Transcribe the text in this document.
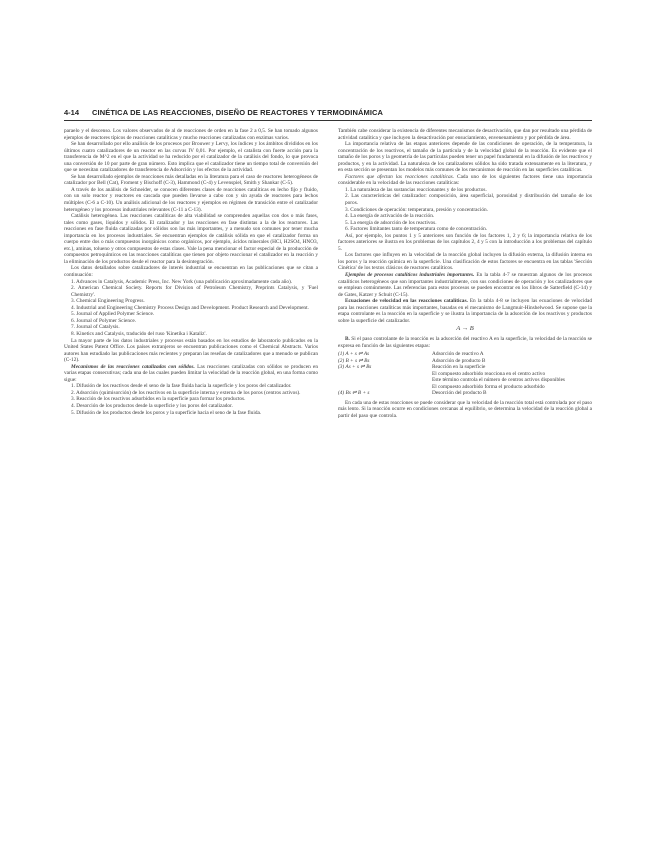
4-14 CINÉTICA DE LAS REACCIONES, DISEÑO DE REACTORES Y TERMODINÁMICA

paraelo y el descenso. Los valores observados de al de reacciones de orden en la fase 2 a 0,5. Se han tomado algunos ejemplos de reactores típicos de reacciones catalíticas y mucho reacciones catalizadas con enzimas varios.

Se han desarrollado por ello análisis de los procesos por Brouwer y Lervy, los índices y los ámbitos divididos en los últimos cuatro catalizadores de un reactor en las curvas IV 0,01. Por ejemplo, el catalista con fuerte acción para la transferencia de M^2 en el que la actividad se ha reducido por el catalizador de la catálisis del fondo, lo que provoca una conversión de 10 por parte de gran número. Esto implica que el catalizador tiene un tiempo total de conversión del que se necesitan catalizadores de transferencia de Adsorción y los efectos de la actividad.

Se han desarrollado ejemplos de reacciones más detalladas en la literatura para el caso de reactores heterogéneos de catalizador por Bell (Cat), Froment y Bischoff (C-3), Hammond (C-4) y Levenspiel, Smith y Shankar (C-5).

A través de los análisis de Schneider, se conocen diferentes clases de reacciones catalíticas en lecho fijo y fluido, con un solo reactor y reactores en cascada que pueden llevarse a cabo con y sin ayuda de reactores para lechos múltiples (C-6 a C-10). Un análisis adicional de los reactores y ejemplos en régimen de transición entre el catalizador heterogéneo y los procesos industriales relevantes (C-11 a C-13).

Catálisis heterogénea. Las reacciones catalíticas de alta viabilidad se comprenden aquellas con dos o más fases, tales como gases, líquidos y sólidos. El catalizador y las reacciones en fase distintas a la de los reactores. Las reacciones en fase fluida catalizadas por sólidos son las más importantes, y a menudo son comunes por tener mucha importancia en los procesos industriales. Se encuentran ejemplos de catálisis sólida en que el catalizador forma un cuerpo entre dos o más compuestos inorgánicos como orgánicos, por ejemplo, ácidos minerales (HCl, H2SO4, HNO3, etc.), aminas, tolueno y otros compuestos de estas clases. Vale la pena mencionar el factor especial de la producción de compuestos petroquímicos en las reacciones catalíticas que tienen por objeto reaccionar el catalizador en la reacción y la eliminación de los productos desde el reactor para la desintegración.

Los datos detallados sobre catalizadores de interés industrial se encuentran en las publicaciones que se citan a continuación:

1. Advances in Catalysis, Academic Press, Inc. New York (una publicación aproximadamente cada año).
2. American Chemical Society. Reports for Division of Petroleum Chemistry, Preprints Catalysis, y 'Fuel Chemistry'.
3. Chemical Engineering Progress.
4. Industrial and Engineering Chemistry Process Design and Development. Product Research and Development.
5. Journal of Applied Polymer Science.
6. Journal of Polymer Science.
7. Journal of Catalysis.
8. Kinetics and Catalysis, traducido del ruso 'Kinetika i Kataliz'.

La mayor parte de los datos industriales y procesos están basados en los estudios de laboratorio publicados en la United States Patent Office. Los países extranjeros se encuentran publicaciones como el Chemical Abstracts. Varios autores han estudiado las publicaciones más recientes y preparan las reseñas de catalizadores que a menudo se publican (C-12).

Mecanismos de las reacciones catalizadas con sólidos. Las reacciones catalizadas con sólidos se producen en varias etapas consecutivas; cada una de las cuales pueden limitar la velocidad de la reacción global, en una forma como sigue:

1. Difusión de los reactivos desde el seno de la fase fluida hacia la superficie y los poros del catalizador.
2. Adsorción (quimisorción) de los reactivos en la superficie interna y externa de los poros (centros activos).
3. Reacción de los reactivos adsorbidos en la superficie para formar los productos.
4. Desorción de los productos desde la superficie y los poros del catalizador.
5. Difusión de los productos desde los poros y la superficie hacia el seno de la fase fluida.

También cabe considerar la existencia de diferentes mecanismos de desactivación, que dan por resultado una pérdida de actividad catalítica y que incluyen la desactivación por ensuciamiento, envenenamiento y por pérdida de área.

La importancia relativa de las etapas anteriores depende de las condiciones de operación, de la temperatura, la concentración de los reactivos, el tamaño de la partícula y de la velocidad global de la reacción. Es evidente que el tamaño de los poros y la geometría de las partículas pueden tener un papel fundamental en la difusión de los reactivos y productos, y en la actividad. La naturaleza de los catalizadores sólidos ha sido tratada extensamente en la literatura, y en esta sección se presentan los modelos más comunes de los mecanismos de reacción en las superficies catalíticas.

Factores que afectan las reacciones catalíticas. Cada uno de los siguientes factores tiene una importancia considerable en la velocidad de las reacciones catalíticas:

1. La naturaleza de las sustancias reaccionantes y de los productos.
2. Las características del catalizador: composición, área superficial, porosidad y distribución del tamaño de los poros.
3. Condiciones de operación: temperatura, presión y concentración.
4. La energía de activación de la reacción.
5. La energía de adsorción de los reactivos.
6. Factores limitantes tanto de temperatura como de concentración.

Así, por ejemplo, los puntos 1 y 5 anteriores son función de los factores 1, 2 y 6; la importancia relativa de los factores anteriores se ilustra en los problemas de los capítulos 2, 4 y 5 con la introducción a los problemas del capítulo 5.

Los factores que influyen en la velocidad de la reacción global incluyen la difusión externa, la difusión interna en los poros y la reacción química en la superficie. Una clasificación de estos factores se encuentra en las tablas 'Sección Cinética' de los textos clásicos de reactores catalíticos.

Ejemplos de procesos catalíticos industriales importantes. En la tabla 4-7 se muestran algunos de los procesos catalíticos heterogéneos que son importantes industrialmente, con sus condiciones de operación y los catalizadores que se emplean comúnmente. Las referencias para estos procesos se pueden encontrar en los libros de Satterfield (C-14) y de Gates, Katzer y Schuit (C-15).

Ecuaciones de velocidad en las reacciones catalíticas. En la tabla 4-8 se incluyen las ecuaciones de velocidad para las reacciones catalíticas más importantes, basadas en el mecanismo de Langmuir-Hinshelwood. Se supone que la etapa controlante es la reacción en la superficie y se ilustra la importancia de la adsorción de los reactivos y productos sobre la superficie del catalizador.

A → B

B. Si el paso controlante de la reacción es la adsorción del reactivo A en la superficie, la velocidad de la reacción se expresa en función de las siguientes etapas:

(1) A + s ⇌ As	Adsorción de reactivo A
(2) B + s ⇌ Bs	Adsorción de producto B
(3) As + s ⇌ Bs	Reacción en la superficie
	El compuesto adsorbido reacciona en el centro activo
	Este término controla el número de centros activos disponibles
	El compuesto adsorbido forma el producto adsorbido
(4) Bs ⇌ B + s	Desorción del producto B

En cada una de estas reacciones se puede considerar que la velocidad de la reacción total está controlada por el paso más lento. Si la reacción ocurre en condiciones cercanas al equilibrio, se determina la velocidad de la reacción global a partir del paso que controla.
